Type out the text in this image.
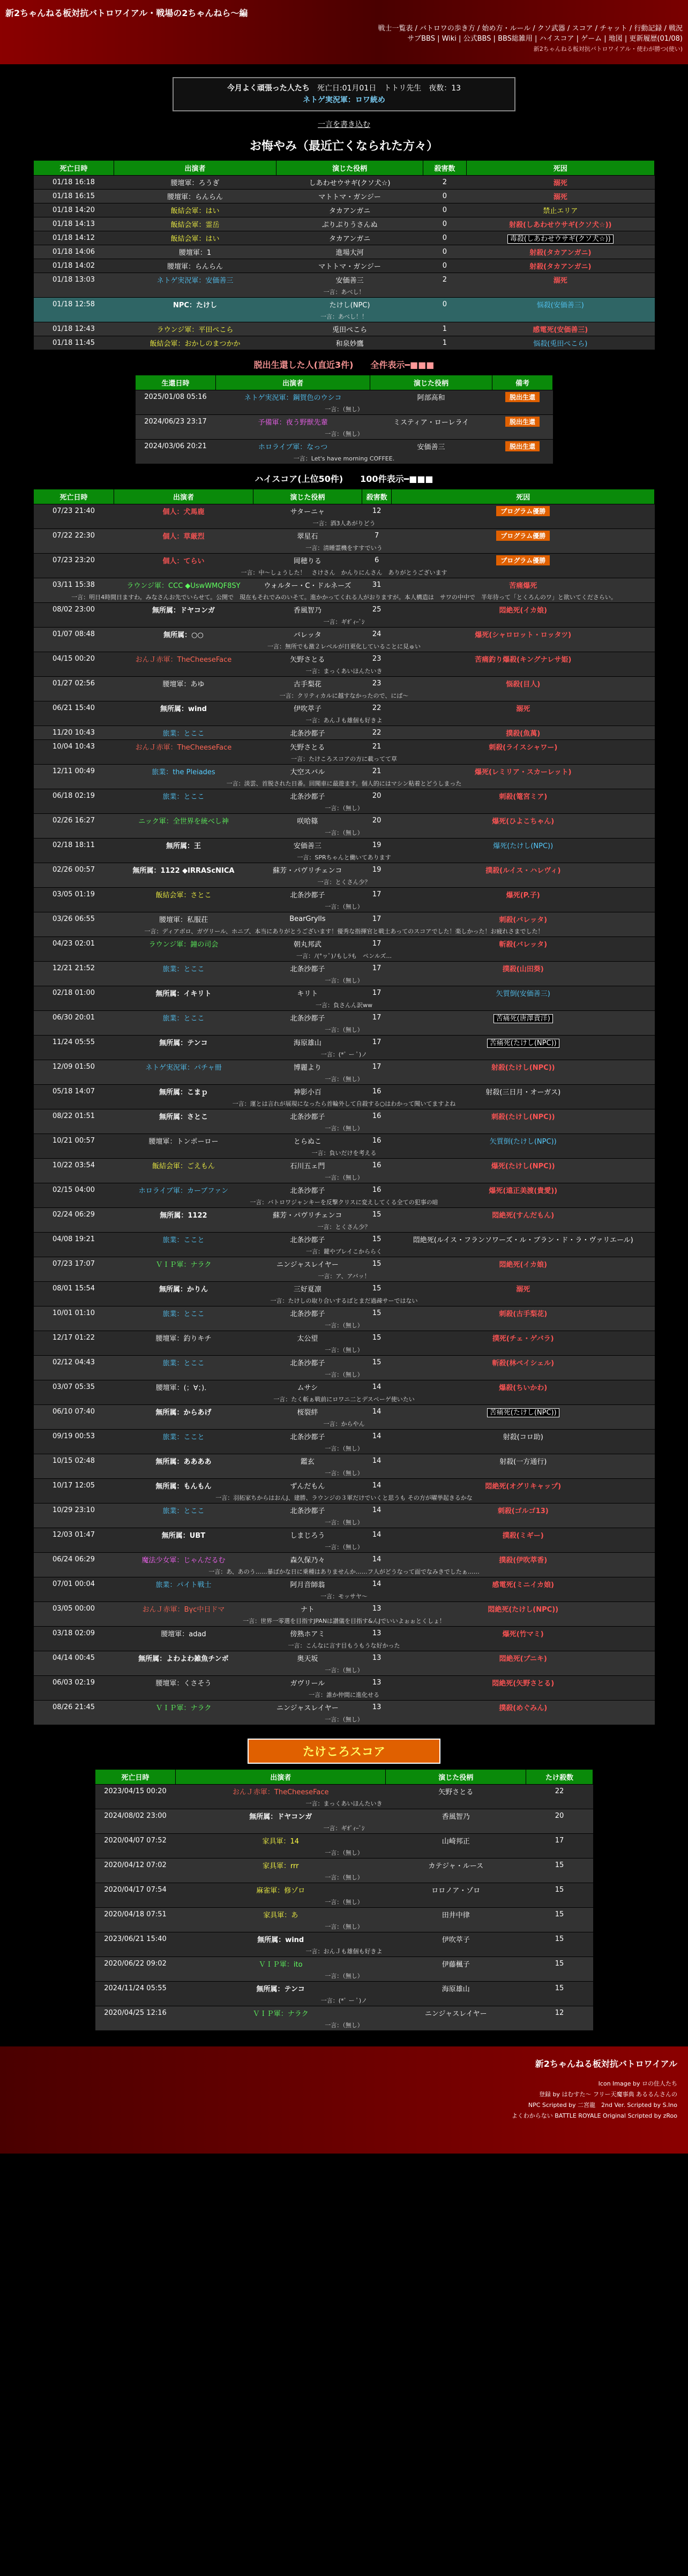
新2ちゃんねる板対抗バトロワイアル・戦場の2ちゃんねら～編
戦士一覧表 / バトロワの歩き方 / 始め方・ルール / クソ武器 / スコア / チャット / 行動記録 / 戦況
サブBBS | Wiki | 公式BBS | BBS総雑用 | ハイスコア | ゲーム | 地図 | 更新履歴(01/08)
新2ちゃんねる板対抗バトロワイアル・使わが勝つ(使い)
今月よく頑張った人たち　 死亡日:01月01日　トトリ先生　夜数：13
ネトゲ実況軍：ロワ統め
一言を書き込む
お悔やみ（最近亡くなられた方々）
死亡日時	出演者	演じた役柄	殺害数	死因
01/18 16:18	腰壇軍：ろうぎ	しあわせウサギ(クソ犬☆)	2	溺死
01/18 16:15	腰壇軍：らんらん	マトトマ・ガンジー	0	溺死
01/18 14:20	飯結会軍：はい	タカアンガニ	0	禁止エリア
01/18 14:13	飯結会軍：霊岳	ぷりぷりうさんぬ	0	射殺(しあわせウサギ(クソ犬☆))
01/18 14:12	飯結会軍：はい	タカアンガニ	0	毒殺(しあわせウサギ(クソ犬☆))
01/18 14:06	腰壇軍：1	進場大河	0	射殺(タカアンガニ)
01/18 14:02	腰壇軍：らんらん	マトトマ・ガンジー	0	射殺(タカアンガニ)
01/18 13:03	ネトゲ実況軍：安価善三	安価善三	2	溺死
一言：あべし！				
01/18 12:58	NPC：たけし	たけし(NPC)	0	悩殺(安価善三)
一言：あべし！！				
01/18 12:43	ラウンジ軍：平田ぺこら	兎田ぺこら	1	感電死(安価善三)
01/18 11:45	飯結会軍：おかしのまつかか	和泉妙鷹	1	悩殺(兎田ぺこら)
脱出生還した人(直近3件)　　全件表示━■■■
生還日時	出演者	演じた役柄	備考
2025/01/08 05:16	ネトゲ実況軍：鋼賀色のウシコ	阿部高和	脱出生還
一言：（無し）			
2024/06/23 23:17	予備軍：夜う野獣先輩	ミスティア・ローレライ	脱出生還
一言：（無し）			
2024/03/06 20:21	ホロライブ軍：なっつ	安価善三	脱出生還
一言：Let's have morning COFFEE.			
ハイスコア(上位50件)　　100件表示━■■■
死亡日時	出演者	演じた役柄	殺害数	死因
07/23 21:40	個人：犬馬鹿	サターニャ	12	プログラム優勝
一言：酒3人あがりどう				
07/22 22:30	個人：草厳烈	翠星石	7	プログラム優勝
一言：清睡霊機をすすでいう				
07/23 23:20	個人：てらい	岡穂りる	6	プログラム優勝
一言：中～しょうした！　さけさん　かんりにんさん　ありがとうございます				
03/11 15:38	ラウンジ軍：CCC ◆UswWMQF8SY	ウォルター・C・ドルネーズ	31	苦痛爆死
一言：明日4時間日ますわ。みなさんお先でいらせて。公開で　現在もそれでみのいそて。進かかってくれる人がおりますが。本人構造は　サワの中中で　半年待って「とくろんのワ」と欲いてくださらい。				
08/02 23:00	無所属：ドヤコンガ	香風智乃	25	悶絶死(イカ娘)
一言：ギｵﾞｨｰﾞｼ				
01/07 08:48	無所属：○○	バレッタ	24	爆死(シャロロット・ロッタツ)
一言：無所でも激２レベルが日更化していることに見ゅい				
04/15 00:20	おんＪ赤軍：TheCheeseFace	矢野さとる	23	苦痛釣り爆殺(キングナレサ姫)
一言：まっくあいほんたいき				
01/27 02:56	腰壇軍：あゆ	古手梨花	23	悩殺(目人)
一言：クリティカルに越すなかったので、にぱ～				
06/21 15:40	無所属：wind	伊吹萃子	22	溺死
一言：あんＪも雄個も好きよ				
11/20 10:43	旅業：とここ	北条沙都子	22	撲殺(魚萬)
10/04 10:43	おんＪ赤軍：TheCheeseFace	矢野さとる	21	刺殺(ライスシャワー)
一言：たけころスコアの方に載ってて草				
12/11 00:49	旅業：the Pleiades	大空スバル	21	爆死(レミリア・スカーレット)
一言：淡雲、首脱された日番。回聞車に最遊ます。個人的にはマシン粘着とどうしまった				
06/18 02:19	旅業：とここ	北条沙都子	20	刺殺(篭宮ミア)
一言：（無し）				
02/26 16:27	ニック軍：全世界を統べし神	咲哈篠	20	爆死(ひよこちゃん)
一言：（無し）				
02/18 18:11	無所属：王	安価善三	19	爆死(たけし(NPC))
一言：SPRちゃんと働いてあります				
02/26 00:57	無所属：1122 ◆IRRAScNICA	蘇芳・パヴリチェンコ	19	撲殺(ルイス・ハレヴィ)
一言：とくさん少？				
03/05 01:19	飯結会軍：さとこ	北条沙都子	17	爆死(P.子)
一言：（無し）				
03/26 06:55	腰壇軍：私服荘	BearGrylls	17	刺殺(バレッタ)
一言：ディアボロ、ガヴリール、ホニブ、本当にありがとうございます！優秀な指揮官と戦士あってのスコアでした！楽しかった！お疲れさまでした！				
04/23 02:01	ラウンジ軍：鐘の司会	朝丸邦武	17	斬殺(バレッタ)
一言：ﾉ(°ヮﾟ)ﾉもしﾗも　ペンルズ...				
12/21 21:52	旅業：とここ	北条沙都子	17	撲殺(山田葵)
一言：（無し）				
02/18 01:00	無所属：イキリト	キリト	17	矢質倒(安価善三)
一言：負さんん訳ww				
06/30 20:01	旅業：とここ	北条沙都子	17	苦痛死(唐澤貴洋)
一言：（無し）				
11/24 05:55	無所属：テンコ	海原雄山	17	苦痛死(たけし(NPC))
一言：(*ﾟ ー ﾟ)ノ				
12/09 01:50	ネトゲ実況軍：パチャ冊	博麗より	17	射殺(たけし(NPC))
一言：（無し）				
05/18 14:07	無所属：こまｐ	神影小百	16	射殺(三日月・オーガス)
一言：運とは言れが展現になったら首輪外して自殺する○はわかって聞いてますよね				
08/22 01:51	無所属：さとこ	北条沙都子	16	刺殺(たけし(NPC))
一言：（無し）				
10/21 00:57	腰壇軍：トンポーロー	とらぬこ	16	矢質倒(たけし(NPC))
一言：負いだけを考える				
10/22 03:54	飯結会軍：ごえもん	石川五ェ門	16	爆死(たけし(NPC))
一言：（無し）				
02/15 04:00	ホロライブ軍：カーブファン	北条沙都子	16	爆死(遠正美渡(貴愛))
一言：バトロワジャンキーを反撃クリスに変えしてくる全ての犯事の暗				
02/24 06:29	無所属：1122	蘇芳・パヴリチェンコ	15	悶絶死(すんだもん)
一言：とくさん少？				
04/08 19:21	旅業：ここと	北条沙都子	15	悶絶死(ルイス・フランソワーズ・ル・ブラン・ド・ラ・ヴァリエール)
一言：鍵やブレイこかららく				
07/23 17:07	ＶＩＰ軍：ナラク	ニンジャスレイヤー	15	悶絶死(イカ娘)
一言：ア、アバッ！				
08/01 15:54	無所属：かりん	三好夏凛	15	溺死
一言：たけしの取り合いするばとまだ過疎サーではない				
10/01 01:10	旅業：とここ	北条沙都子	15	刺殺(古手梨花)
一言：（無し）				
12/17 01:22	腰壇軍：釣りキチ	太公望	15	撲死(チェ・ゲバラ)
一言：（無し）				
02/12 04:43	旅業：とここ	北条沙都子	15	斬殺(林ペイシェル)
一言：（無し）				
03/07 05:35	腰壇軍：(；∀；)．	ムサシ	14	爆殺(ちいかわ)
一言：たく斬ぁ戦前にロワニ二とデスペーゲ使いたい				
06/10 07:40	無所属：からあげ	桜裂絆	14	苦痛死(たけし(NPC))
一言：からやん				
09/19 00:53	旅業：ここと	北条沙都子	14	射殺(コロ助)
一言：（無し）				
10/15 02:48	無所属：ああああ	鑑玄	14	射殺(一方通行)
一言：（無し）				
10/17 12:05	無所属：もんもん	ずんだもん	14	悶絶死(オグリキャップ)
一言：羽拓家ちからはおんJ、建勝、ラウンジの３軍だけでいくと思うも その方が曜挙起きるかな				
10/29 23:10	旅業：とここ	北条沙都子	14	刺殺(ゴルゴ13)
一言：（無し）				
12/03 01:47	無所属：UBT	しまじろう	14	撲殺(ミギー)
一言：（無し）				
06/24 06:29	魔法少女軍：じゃんだるむ	森久保乃々	14	撲殺(伊吹萃香)
一言：あ、あのう……暴ばかな日に乗種はありませんか……フ人がどうなって面でなみきでしたぁ……				
07/01 00:04	旅業：パイト戦士	阿月音師翁	14	感電死(ミニイカ娘)
一言：モッサヤ～				
03/05 00:00	おんＪ赤軍：Bγc中日ドマ	ナト	13	悶絶死(たけし(NPC))
一言：世界一零選を目指すJPANは讃儀を目指す&んJでいいよぉぉとくしょ！				
03/18 02:09	腰壇軍：adad	傍熟ホアミ	13	爆死(竹マミ)
一言：こんなに言す目もうもうな好かった				
04/14 00:45	無所属：よわよわ雑魚チンポ	奥天坂	13	悶絶死(プニキ)
一言：（無し）				
06/03 02:19	腰壇軍：くさそう	ガヴリール	13	悶絶死(矢野さとる)
一言：誰か仲間に進化せる				
08/26 21:45	ＶＩＰ軍：ナラク	ニンジャスレイヤー	13	撲殺(めぐみん)
一言：（無し）				
たけころスコア
死亡日時	出演者	演じた役柄	たけ殺数
2023/04/15 00:20	おんＪ赤軍：TheCheeseFace	矢野さとる	22
一言：まっくあいほんたいき			
2024/08/02 23:00	無所属：ドヤコンガ	香風智乃	20
一言：ギｵﾞｨｰﾞｼ			
2020/04/07 07:52	家具軍：14	山崎邦正	17
一言：（無し）			
2020/04/12 07:02	家具軍：rrr	カテジャ・ルース	15
一言：（無し）			
2020/04/17 07:54	麻雀軍：修ゾロ	ロロノア・ゾロ	15
一言：（無し）			
2020/04/18 07:51	家具軍：あ	田井中律	15
一言：（無し）			
2023/06/21 15:40	無所属：wind	伊吹萃子	15
一言：おんＪも雄個も好きよ			
2020/06/22 09:02	ＶＩＰ軍：ito	伊藤楓子	15
一言：（無し）			
2024/11/24 05:55	無所属：テンコ	海原雄山	15
一言：(*ﾟ ー ﾟ)ノ			
2020/04/25 12:16	ＶＩＰ軍：ナラク	ニンジャスレイヤー	12
一言：（無し）			
新2ちゃんねる板対抗バトロワイアル
Icon Image by ロの住人たち
登録 by はむすた～ フリー天魔事典 あるるんさんの
NPC Scripted by 二宮龍　2nd Ver. Scripted by S.Ino
よくわからない BATTLE ROYALE Original Scripted by zRoo
